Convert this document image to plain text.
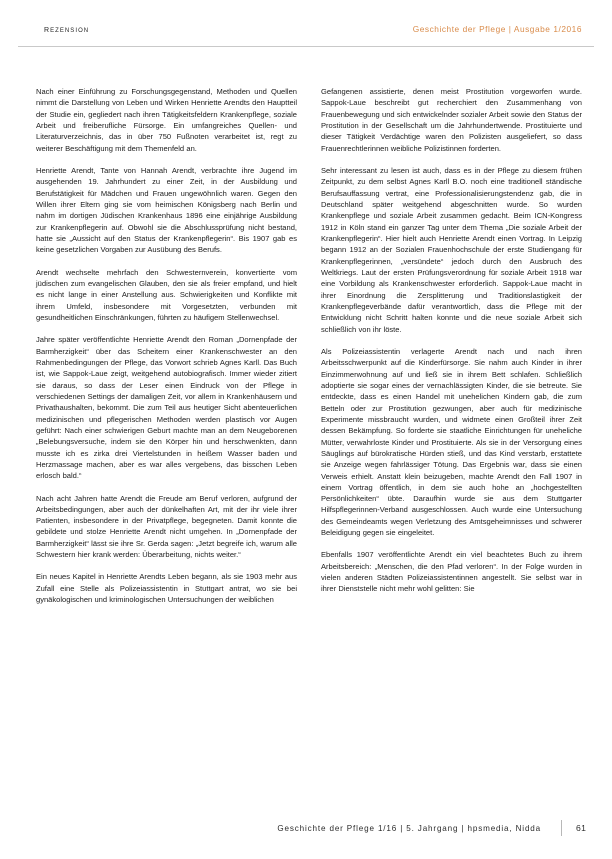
rezension	Geschichte der Pflege | Ausgabe 1/2016

Nach einer Einführung zu Forschungsgegenstand, Methoden und Quellen nimmt die Darstellung von Leben und Wirken Henriette Arendts den Hauptteil der Studie ein, gegliedert nach ihren Tätigkeitsfeldern Krankenpflege, soziale Arbeit und freiberufliche Fürsorge. Ein umfangreiches Quellen- und Literaturverzeichnis, das in über 750 Fußnoten verarbeitet ist, regt zu weiterer Beschäftigung mit dem Themenfeld an.

Henriette Arendt, Tante von Hannah Arendt, verbrachte ihre Jugend im ausgehenden 19. Jahrhundert zu einer Zeit, in der Ausbildung und Berufstätigkeit für Mädchen und Frauen ungewöhnlich waren. Gegen den Willen ihrer Eltern ging sie vom heimischen Königsberg nach Berlin und nahm im dortigen Jüdischen Krankenhaus 1896 eine einjährige Ausbildung zur Krankenpflegerin auf. Obwohl sie die Abschlussprüfung nicht bestand, hatte sie „Aussicht auf den Status der Krankenpflegerin“. Bis 1907 gab es keine gesetzlichen Vorgaben zur Ausübung des Berufs.

Arendt wechselte mehrfach den Schwesternverein, konvertierte vom jüdischen zum evangelischen Glauben, den sie als freier empfand, und hielt es nicht lange in einer Anstellung aus. Schwierigkeiten und Konflikte mit ihrem Umfeld, insbesondere mit Vorgesetzten, verbunden mit gesundheitlichen Einschränkungen, führten zu häufigem Stellenwechsel.

Jahre später veröffentlichte Henriette Arendt den Roman „Dornenpfade der Barmherzigkeit“ über das Scheitern einer Krankenschwester an den Rahmenbedingungen der Pflege, das Vorwort schrieb Agnes Karll. Das Buch ist, wie Sappok-Laue zeigt, weitgehend autobiografisch. Immer wieder zitiert sie daraus, so dass der Leser einen Eindruck von der Pflege in verschiedenen Settings der damaligen Zeit, vor allem in Krankenhäusern und Privathaushalten, bekommt. Die zum Teil aus heutiger Sicht abenteuerlichen medizinischen und pflegerischen Methoden werden plastisch vor Augen geführt: Nach einer schwierigen Geburt machte man an dem Neugeborenen „Belebungsversuche, indem sie den Körper hin und herschwenkten, dann musste ich es zirka drei Viertelstunden in heißem Wasser baden und Herzmassage machen, aber es war alles vergebens, das bisschen Leben erlosch bald.“

Nach acht Jahren hatte Arendt die Freude am Beruf verloren, aufgrund der Arbeitsbedingungen, aber auch der dünkelhaften Art, mit der ihr viele ihrer Patienten, insbesondere in der Privatpflege, begegneten. Damit konnte die gebildete und stolze Henriette Arendt nicht umgehen. In „Dornenpfade der Barmherzigkeit“ lässt sie ihre Sr. Gerda sagen: „Jetzt begreife ich, warum alle Schwestern hier krank werden: Überarbeitung, nichts weiter.“

Ein neues Kapitel in Henriette Arendts Leben begann, als sie 1903 mehr aus Zufall eine Stelle als Polizeiassistentin in Stuttgart antrat, wo sie bei gynäkologischen und kriminologischen Untersuchungen der weiblichen

Gefangenen assistierte, denen meist Prostitution vorgeworfen wurde. Sappok-Laue beschreibt gut recherchiert den Zusammenhang von Frauenbewegung und sich entwickelnder sozialer Arbeit sowie den Status der Prostitution in der Gesellschaft um die Jahrhundertwende. Prostituierte und dieser Tätigkeit Verdächtige waren den Polizisten ausgeliefert, so dass Frauenrechtlerinnen weibliche Polizistinnen forderten.

Sehr interessant zu lesen ist auch, dass es in der Pflege zu diesem frühen Zeitpunkt, zu dem selbst Agnes Karll B.O. noch eine traditionell ständische Berufsauffassung vertrat, eine Professionalisierungstendenz gab, die in Deutschland später weitgehend abgeschnitten wurde. So wurden Krankenpflege und soziale Arbeit zusammen gedacht. Beim ICN-Kongress 1912 in Köln stand ein ganzer Tag unter dem Thema „Die soziale Arbeit der Krankenpflegerin“. Hier hielt auch Henriette Arendt einen Vortrag. In Leipzig begann 1912 an der Sozialen Frauenhochschule der erste Studiengang für Krankenpflegerinnen, „versündete“ jedoch durch den Ausbruch des Weltkriegs. Laut der ersten Prüfungsverordnung für soziale Arbeit 1918 war eine Vorbildung als Krankenschwester erforderlich. Sappok-Laue macht in ihrer Einordnung die Zersplitterung und Traditionslastigkeit der Krankenpflegeverbände dafür verantwortlich, dass die Pflege mit der Entwicklung nicht Schritt halten konnte und die neue soziale Arbeit sich schließlich von ihr löste.

Als Polizeiassistentin verlagerte Arendt nach und nach ihren Arbeitsschwerpunkt auf die Kinderfürsorge. Sie nahm auch Kinder in ihrer Einzimmerwohnung auf und ließ sie in ihrem Bett schlafen. Schließlich adoptierte sie sogar eines der vernachlässigten Kinder, die sie betreute. Sie entdeckte, dass es einen Handel mit unehelichen Kindern gab, die zum Betteln oder zur Prostitution gezwungen, aber auch für medizinische Experimente missbraucht wurden, und widmete einen Großteil ihrer Zeit dessen Bekämpfung. So forderte sie staatliche Einrichtungen für uneheliche Mütter, verwahrloste Kinder und Prostituierte. Als sie in der Versorgung eines Säuglings auf bürokratische Hürden stieß, und das Kind verstarb, erstattete sie Anzeige wegen fahrlässiger Tötung. Das Ergebnis war, dass sie einen Verweis erhielt. Anstatt klein beizugeben, machte Arendt den Fall 1907 in einem Vortrag öffentlich, in dem sie auch hohe an „hochgestellten Persönlichkeiten“ übte. Daraufhin wurde sie aus dem Stuttgarter Hilfspflegerinnen-Verband ausgeschlossen. Auch wurde eine Untersuchung des Gemeindeamts wegen Verletzung des Amtsgeheimnisses und schwerer Beleidigung gegen sie eingeleitet.

Ebenfalls 1907 veröffentlichte Arendt ein viel beachtetes Buch zu ihrem Arbeitsbereich: „Menschen, die den Pfad verloren“. In der Folge wurden in vielen anderen Städten Polizeiassistentinnen angestellt. Sie selbst war in ihrer Dienststelle nicht mehr wohl gelitten: Sie

Geschichte der Pflege 1/16 | 5. Jahrgang | hpsmedia, Nidda	61
